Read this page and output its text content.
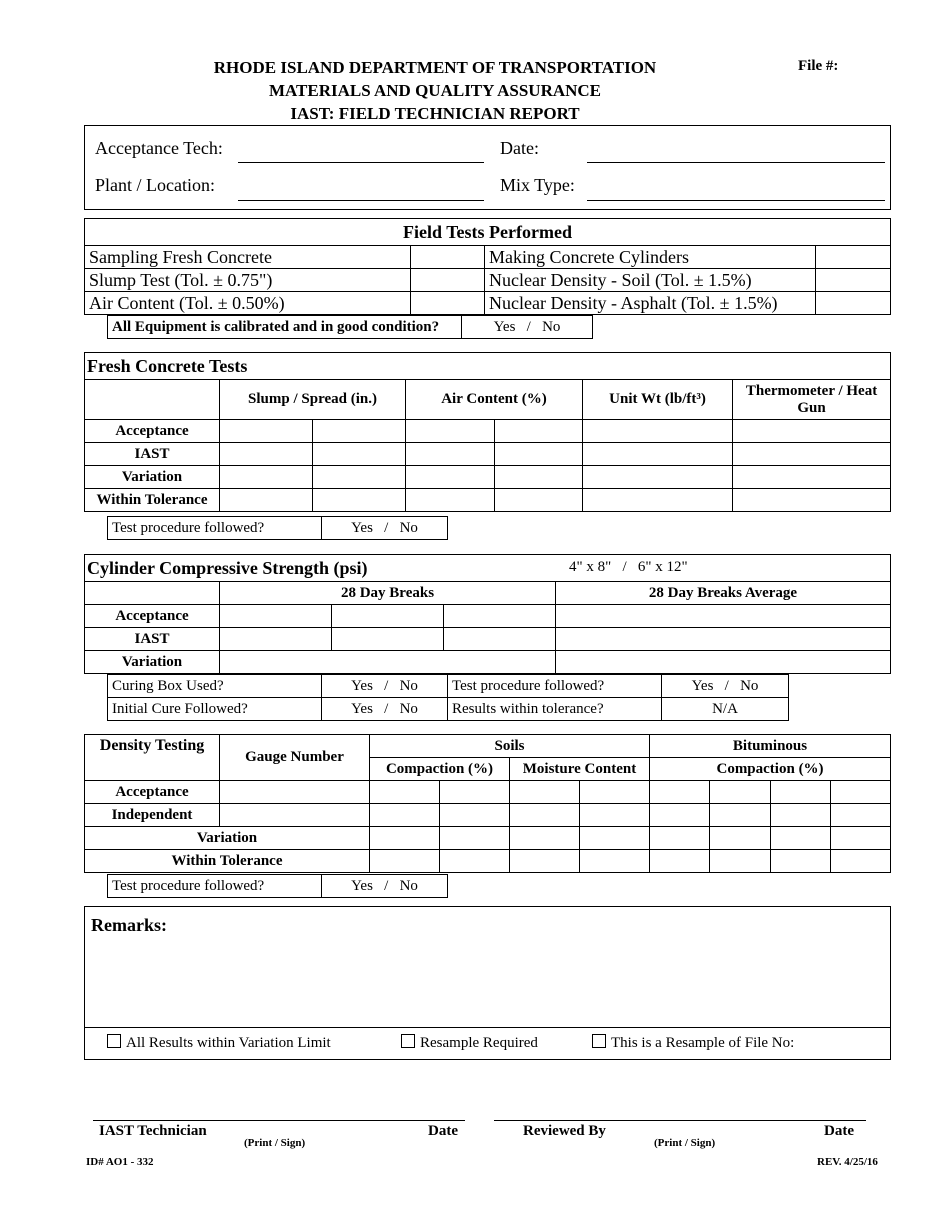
RHODE ISLAND DEPARTMENT OF TRANSPORTATION
MATERIALS AND QUALITY ASSURANCE
IAST: FIELD TECHNICIAN REPORT
File #:
Acceptance Tech:	Date:
Plant / Location:	Mix Type:
Field Tests Performed			
Sampling Fresh Concrete		Making Concrete Cylinders	
Slump Test (Tol. ± 0.75")		Nuclear Density - Soil (Tol. ± 1.5%)	
Air Content (Tol. ± 0.50%)		Nuclear Density - Asphalt (Tol. ± 1.5%)	
All Equipment is calibrated and in good condition?	Yes   /   No
Fresh Concrete Tests						
	Slump / Spread (in.)		Air Content (%)		Unit Wt (lb/ft³)	Thermometer / Heat Gun
Acceptance						
IAST						
Variation						
Within Tolerance						
Test procedure followed?	Yes   /   No
Cylinder Compressive Strength (psi) 4" x 8"   /   6" x 12"				

	28 Day Breaks			28 Day Breaks Average
Acceptance				
IAST				
Variation				
Curing Box Used?	Yes   /   No	Test procedure followed?	Yes   /   No
Initial Cure Followed?	Yes   /   No	Results within tolerance?	N/A
Density Testing	Gauge Number	Soils				Bituminous			
		Compaction (%)		Moisture Content		Compaction (%)			
Acceptance									
Independent									
Variation									
Within Tolerance									
Test procedure followed?	Yes   /   No
Remarks:
All Results within Variation Limit	Resample Required	This is a Resample of File No:
IAST Technician
(Print / Sign)
Date	Reviewed By
(Print / Sign)
Date
ID# AO1 - 332	REV. 4/25/16
